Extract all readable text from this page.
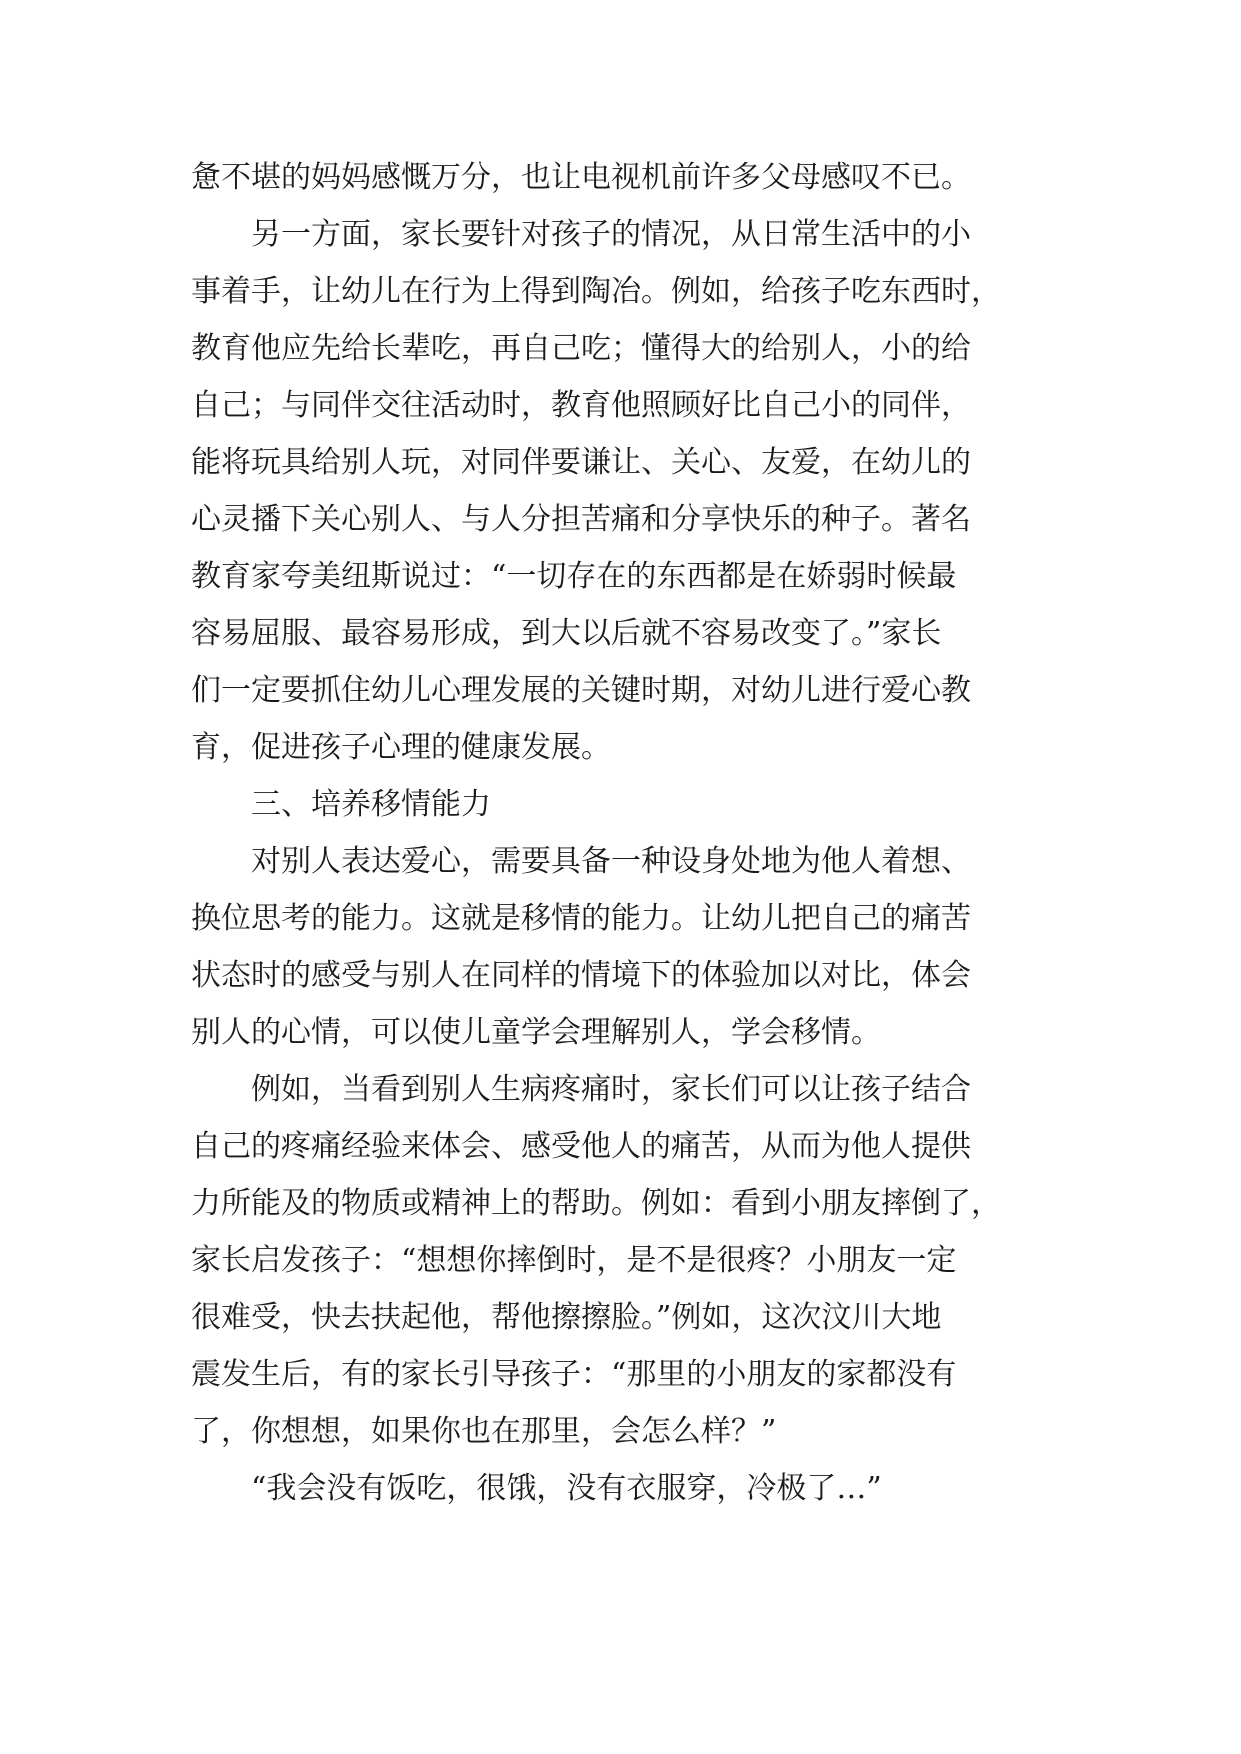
惫不堪的妈妈感慨万分，也让电视机前许多父母感叹不已。
另一方面，家长要针对孩子的情况，从日常生活中的小
事着手，让幼儿在行为上得到陶冶。例如，给孩子吃东西时，
教育他应先给长辈吃，再自己吃；懂得大的给别人，小的给
自己；与同伴交往活动时，教育他照顾好比自己小的同伴，
能将玩具给别人玩，对同伴要谦让、关心、友爱，在幼儿的
心灵播下关心别人、与人分担苦痛和分享快乐的种子。著名
教育家夸美纽斯说过：“一切存在的东西都是在娇弱时候最
容易屈服、最容易形成，到大以后就不容易改变了。”家长
们一定要抓住幼儿心理发展的关键时期，对幼儿进行爱心教
育，促进孩子心理的健康发展。
三、培养移情能力
对别人表达爱心，需要具备一种设身处地为他人着想、
换位思考的能力。这就是移情的能力。让幼儿把自己的痛苦
状态时的感受与别人在同样的情境下的体验加以对比，体会
别人的心情，可以使儿童学会理解别人，学会移情。
例如，当看到别人生病疼痛时，家长们可以让孩子结合
自己的疼痛经验来体会、感受他人的痛苦，从而为他人提供
力所能及的物质或精神上的帮助。例如：看到小朋友摔倒了，
家长启发孩子：“想想你摔倒时，是不是很疼？小朋友一定
很难受，快去扶起他，帮他擦擦脸。”例如，这次汶川大地
震发生后，有的家长引导孩子：“那里的小朋友的家都没有
了，你想想，如果你也在那里，会怎么样？”
“我会没有饭吃，很饿，没有衣服穿，冷极了…”
